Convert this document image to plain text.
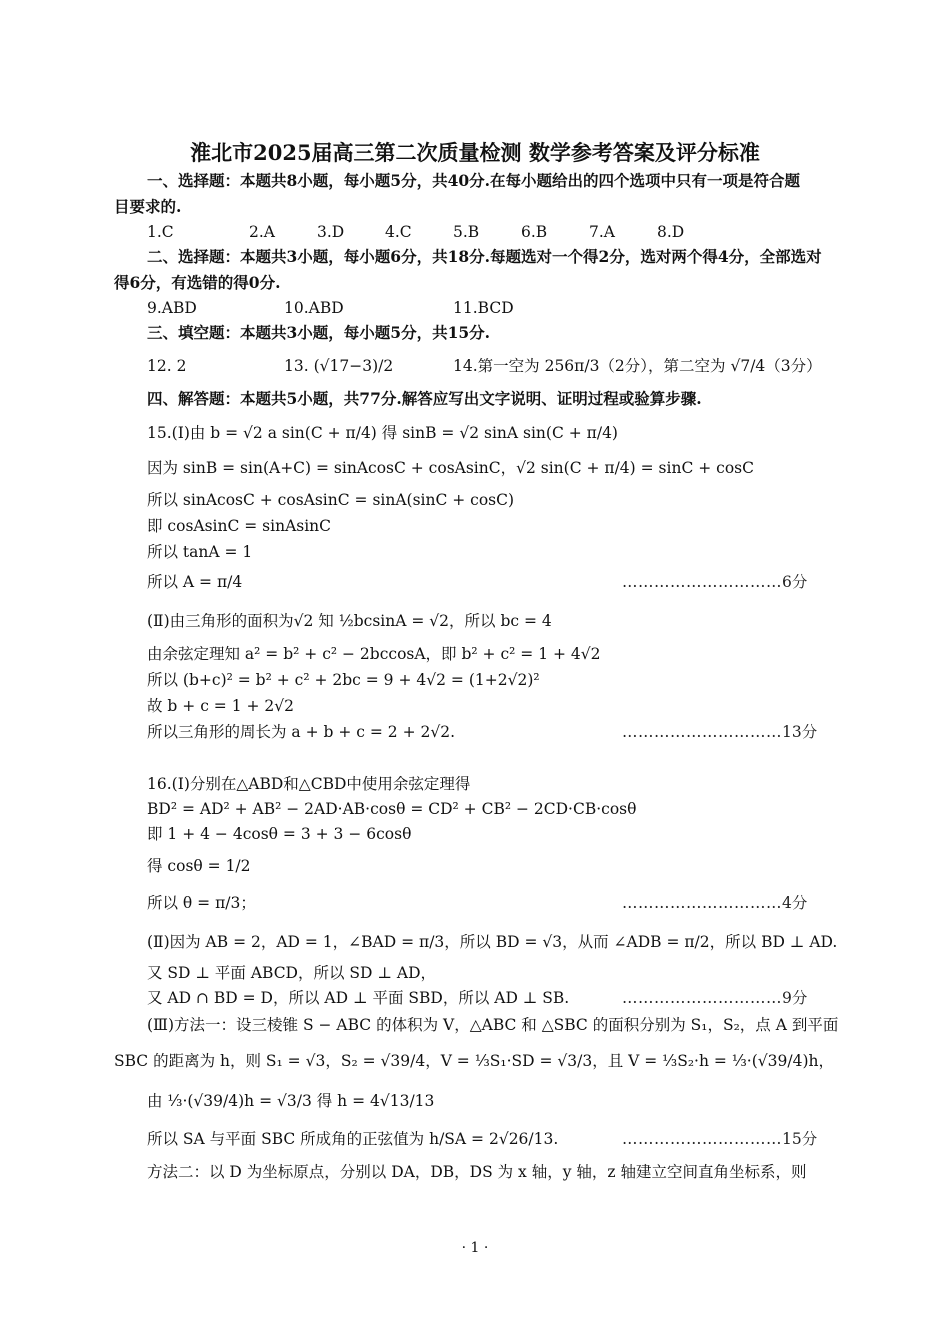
淮北市2025届高三第二次质量检测 数学参考答案及评分标准
一、选择题：本题共8小题，每小题5分，共40分.在每小题给出的四个选项中只有一项是符合题
目要求的.
1.C	2.A	3.D	4.C	5.B	6.B	7.A	8.D
二、选择题：本题共3小题，每小题6分，共18分.每题选对一个得2分，选对两个得4分，全部选对
得6分，有选错的得0分.
9.ABD	10.ABD	11.BCD
三、填空题：本题共3小题，每小题5分，共15分.
12. 2	13. (√17−3)/2	14.第一空为 256π/3（2分），第二空为 √7/4（3分）
四、解答题：本题共5小题，共77分.解答应写出文字说明、证明过程或验算步骤.
15.(Ⅰ)由 b = √2 a sin(C + π/4) 得 sinB = √2 sinA sin(C + π/4)
因为 sinB = sin(A+C) = sinAcosC + cosAsinC，√2 sin(C + π/4) = sinC + cosC
所以 sinAcosC + cosAsinC = sinA(sinC + cosC)
即 cosAsinC = sinAsinC
所以 tanA = 1
所以 A = π/4	…………………………6分
(Ⅱ)由三角形的面积为√2 知 ½bcsinA = √2，所以 bc = 4
由余弦定理知 a² = b² + c² − 2bccosA，即 b² + c² = 1 + 4√2
所以 (b+c)² = b² + c² + 2bc = 9 + 4√2 = (1+2√2)²
故 b + c = 1 + 2√2
所以三角形的周长为 a + b + c = 2 + 2√2.	…………………………13分
16.(Ⅰ)分别在△ABD和△CBD中使用余弦定理得
BD² = AD² + AB² − 2AD·AB·cosθ = CD² + CB² − 2CD·CB·cosθ
即 1 + 4 − 4cosθ = 3 + 3 − 6cosθ
得 cosθ = 1/2
所以 θ = π/3；	…………………………4分
(Ⅱ)因为 AB = 2，AD = 1，∠BAD = π/3，所以 BD = √3，从而 ∠ADB = π/2，所以 BD ⊥ AD.
又 SD ⊥ 平面 ABCD，所以 SD ⊥ AD，
又 AD ∩ BD = D，所以 AD ⊥ 平面 SBD，所以 AD ⊥ SB.	…………………………9分
(Ⅲ)方法一：设三棱锥 S − ABC 的体积为 V，△ABC 和 △SBC 的面积分别为 S₁，S₂，点 A 到平面
SBC 的距离为 h，则 S₁ = √3，S₂ = √39/4，V = ⅓S₁·SD = √3/3，且 V = ⅓S₂·h = ⅓·(√39/4)h，
由 ⅓·(√39/4)h = √3/3 得 h = 4√13/13
所以 SA 与平面 SBC 所成角的正弦值为 h/SA = 2√26/13.	…………………………15分
方法二：以 D 为坐标原点，分别以 DA，DB，DS 为 x 轴，y 轴，z 轴建立空间直角坐标系，则
· 1 ·
